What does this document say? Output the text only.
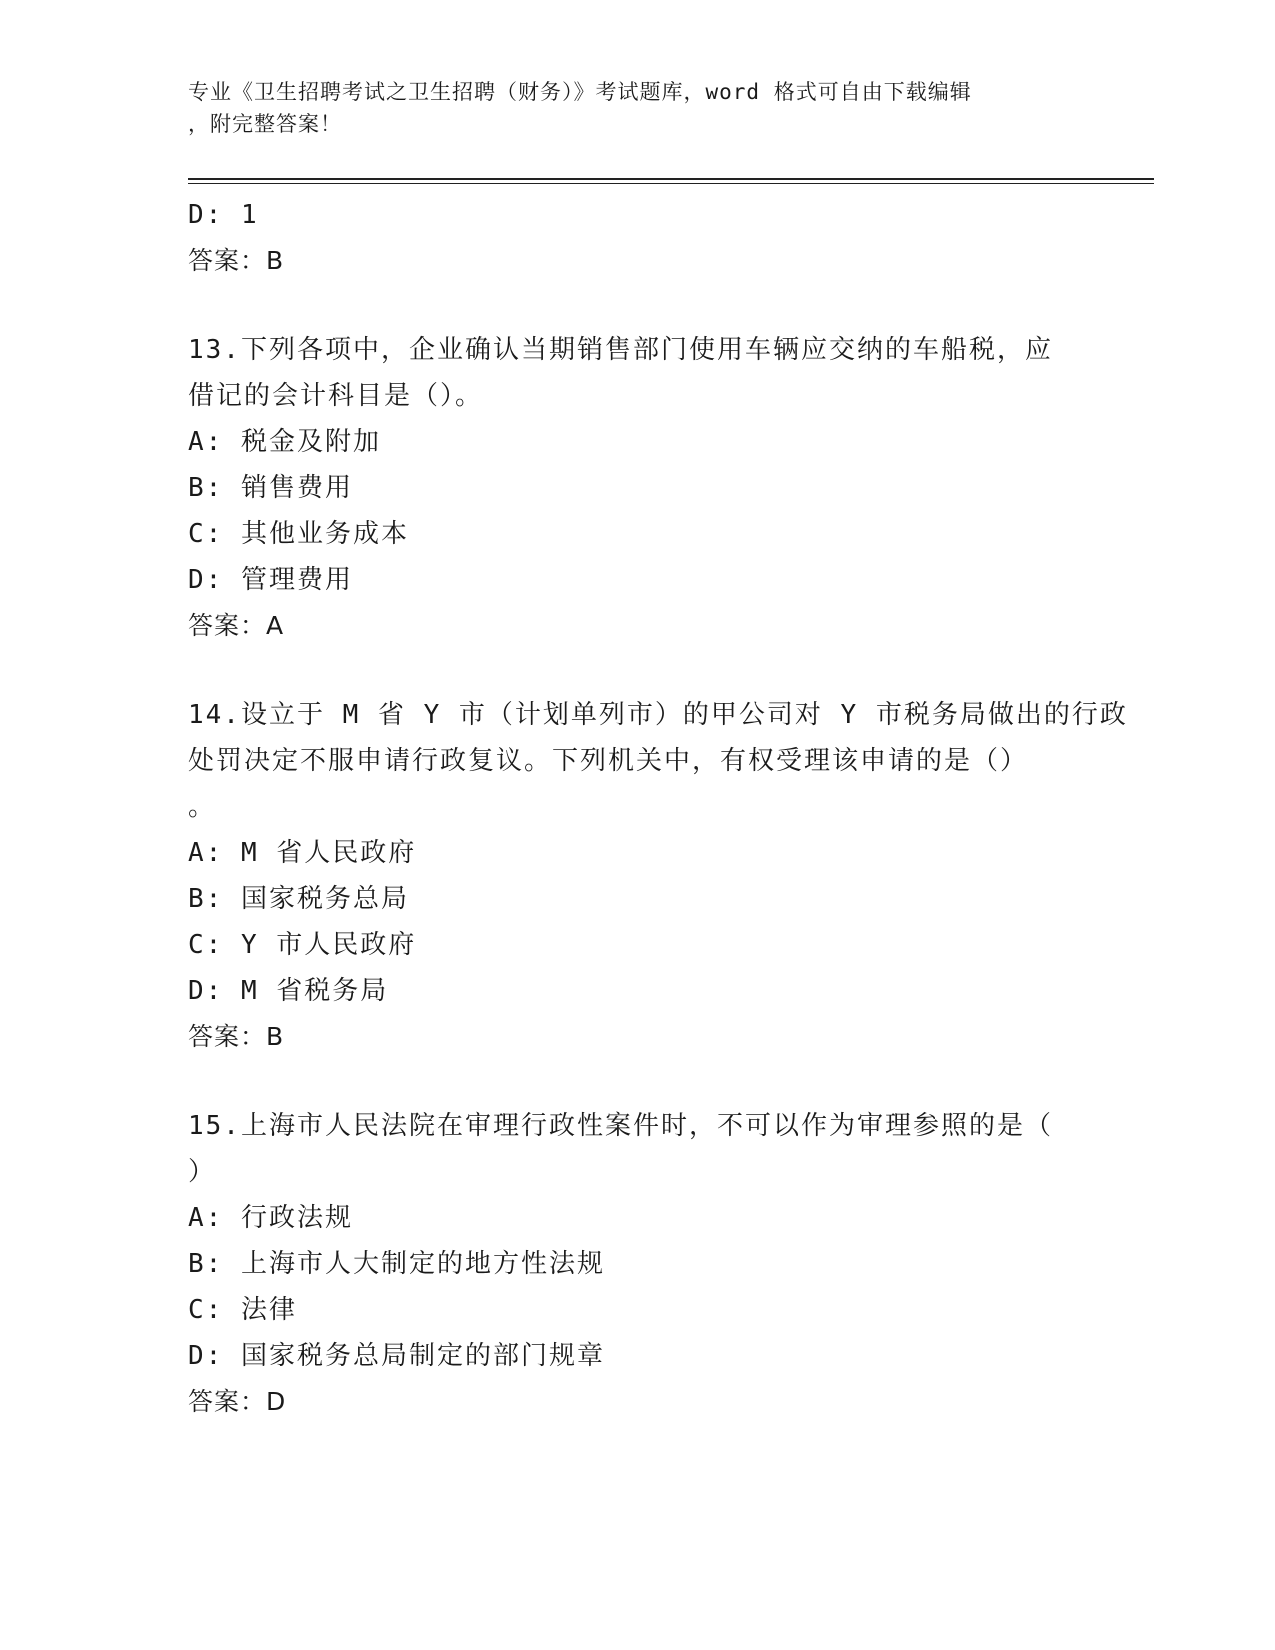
专业《卫生招聘考试之卫生招聘（财务）》考试题库，word 格式可自由下载编辑
，附完整答案！
D: 1
答案：B
13.下列各项中，企业确认当期销售部门使用车辆应交纳的车船税，应
借记的会计科目是（）。
A: 税金及附加
B: 销售费用
C: 其他业务成本
D: 管理费用
答案：A
14.设立于 M 省 Y 市（计划单列市）的甲公司对 Y 市税务局做出的行政
处罚决定不服申请行政复议。下列机关中，有权受理该申请的是（）
。
A: M 省人民政府
B: 国家税务总局
C: Y 市人民政府
D: M 省税务局
答案：B
15.上海市人民法院在审理行政性案件时，不可以作为审理参照的是（
）
A: 行政法规
B: 上海市人大制定的地方性法规
C: 法律
D: 国家税务总局制定的部门规章
答案：D
